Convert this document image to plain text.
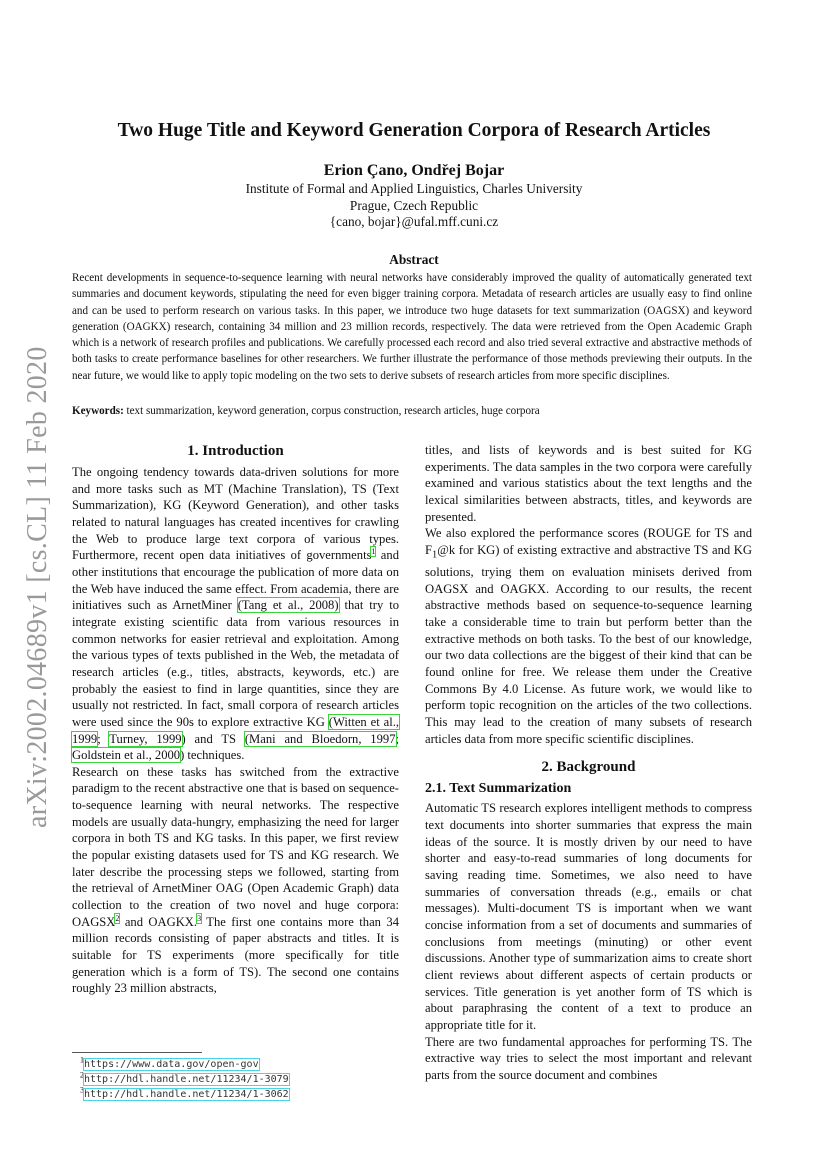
arXiv:2002.04689v1 [cs.CL] 11 Feb 2020
Two Huge Title and Keyword Generation Corpora of Research Articles
Erion Çano, Ondřej Bojar
Institute of Formal and Applied Linguistics, Charles University
Prague, Czech Republic
{cano, bojar}@ufal.mff.cuni.cz
Abstract
Recent developments in sequence-to-sequence learning with neural networks have considerably improved the quality of automatically generated text summaries and document keywords, stipulating the need for even bigger training corpora. Metadata of research articles are usually easy to find online and can be used to perform research on various tasks. In this paper, we introduce two huge datasets for text summarization (OAGSX) and keyword generation (OAGKX) research, containing 34 million and 23 million records, respectively. The data were retrieved from the Open Academic Graph which is a network of research profiles and publications. We carefully processed each record and also tried several extractive and abstractive methods of both tasks to create performance baselines for other researchers. We further illustrate the performance of those methods previewing their outputs. In the near future, we would like to apply topic modeling on the two sets to derive subsets of research articles from more specific disciplines.
Keywords: text summarization, keyword generation, corpus construction, research articles, huge corpora
1. Introduction

The ongoing tendency towards data-driven solutions for more and more tasks such as MT (Machine Translation), TS (Text Summarization), KG (Keyword Generation), and other tasks related to natural languages has created incentives for crawling the Web to produce large text corpora of various types. Furthermore, recent open data initiatives of governments$^1$ and other institutions that encourage the publication of more data on the Web have induced the same effect. From academia, there are initiatives such as ArnetMiner (Tang et al., 2008) that try to integrate existing scientific data from various resources in common networks for easier retrieval and exploitation. Among the various types of texts published in the Web, the metadata of research articles (e.g., titles, abstracts, keywords, etc.) are probably the easiest to find in large quantities, since they are usually not restricted. In fact, small corpora of research articles were used since the 90s to explore extractive KG (Witten et al., 1999; Turney, 1999) and TS (Mani and Bloedorn, 1997; Goldstein et al., 2000) techniques.

Research on these tasks has switched from the extractive paradigm to the recent abstractive one that is based on sequence-to-sequence learning with neural networks. The respective models are usually data-hungry, emphasizing the need for larger corpora in both TS and KG tasks. In this paper, we first review the popular existing datasets used for TS and KG research. We later describe the processing steps we followed, starting from the retrieval of ArnetMiner OAG (Open Academic Graph) data collection to the creation of two novel and huge corpora: OAGSX$^2$ and OAGKX.$^3$ The first one contains more than 34 million records consisting of paper abstracts and titles. It is suitable for TS experiments (more specifically for title generation which is a form of TS). The second one contains roughly 23 million abstracts,

titles, and lists of keywords and is best suited for KG experiments. The data samples in the two corpora were carefully examined and various statistics about the text lengths and the lexical similarities between abstracts, titles, and keywords are presented.

We also explored the performance scores (ROUGE for TS and $F_1@k$ for KG) of existing extractive and abstractive TS and KG solutions, trying them on evaluation minisets derived from OAGSX and OAGKX. According to our results, the recent abstractive methods based on sequence-to-sequence learning take a considerable time to train but perform better than the extractive methods on both tasks. To the best of our knowledge, our two data collections are the biggest of their kind that can be found online for free. We release them under the Creative Commons By 4.0 License. As future work, we would like to perform topic recognition on the articles of the two collections. This may lead to the creation of many subsets of research articles data from more specific scientific disciplines.

2. Background
2.1. Text Summarization

Automatic TS research explores intelligent methods to compress text documents into shorter summaries that express the main ideas of the source. It is mostly driven by our need to have shorter and easy-to-read summaries of long documents for saving reading time. Sometimes, we also need to have summaries of conversation threads (e.g., emails or chat messages). Multi-document TS is important when we want concise information from a set of documents and summaries of conclusions from meetings (minuting) or other event discussions. Another type of summarization aims to create short client reviews about different aspects of certain products or services. Title generation is yet another form of TS which is about paraphrasing the content of a text to produce an appropriate title for it.

There are two fundamental approaches for performing TS. The extractive way tries to select the most important and relevant parts from the source document and combines

$^1$https://www.data.gov/open-gov
$^2$http://hdl.handle.net/11234/1-3079
$^3$http://hdl.handle.net/11234/1-3062
